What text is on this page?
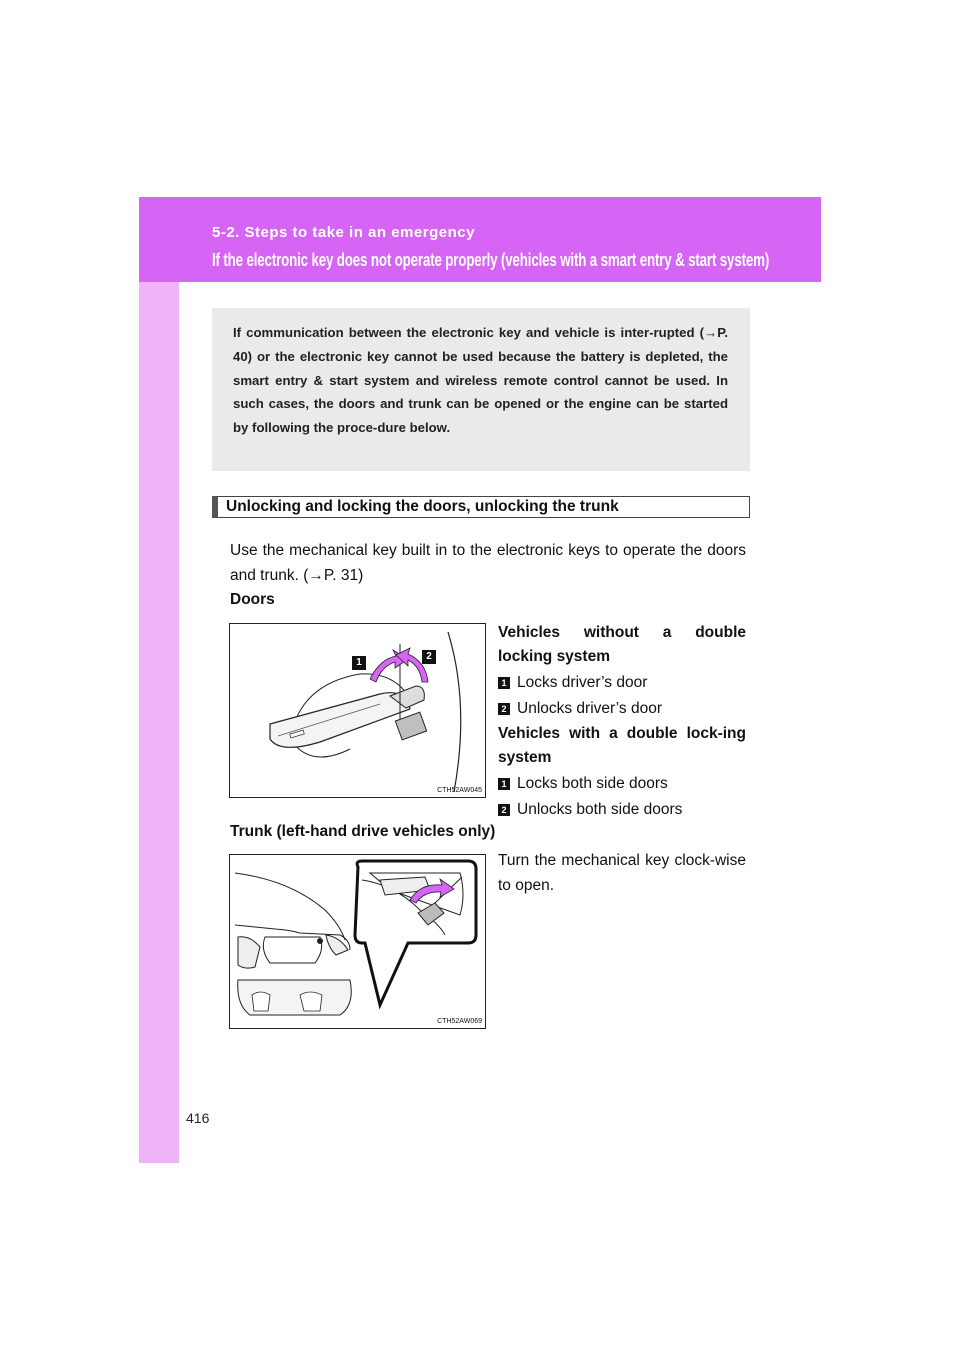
5-2. Steps to take in an emergency
If the electronic key does not operate properly (vehicles with a smart entry & start system)
If communication between the electronic key and vehicle is inter-rupted (→P. 40) or the electronic key cannot be used because the battery is depleted, the smart entry & start system and wireless remote control cannot be used. In such cases, the doors and trunk can be opened or the engine can be started by following the proce-dure below.
Unlocking and locking the doors, unlocking the trunk
Use the mechanical key built in to the electronic keys to operate the doors and trunk. (→P. 31)
Doors
1
2
CTH52AW045
Vehicles without a double locking system
1 Locks driver’s door
2 Unlocks driver’s door
Vehicles with a double lock-ing system
1 Locks both side doors
2 Unlocks both side doors
Trunk (left-hand drive vehicles only)
CTH52AW069
Turn the mechanical key clock-wise to open.
416
